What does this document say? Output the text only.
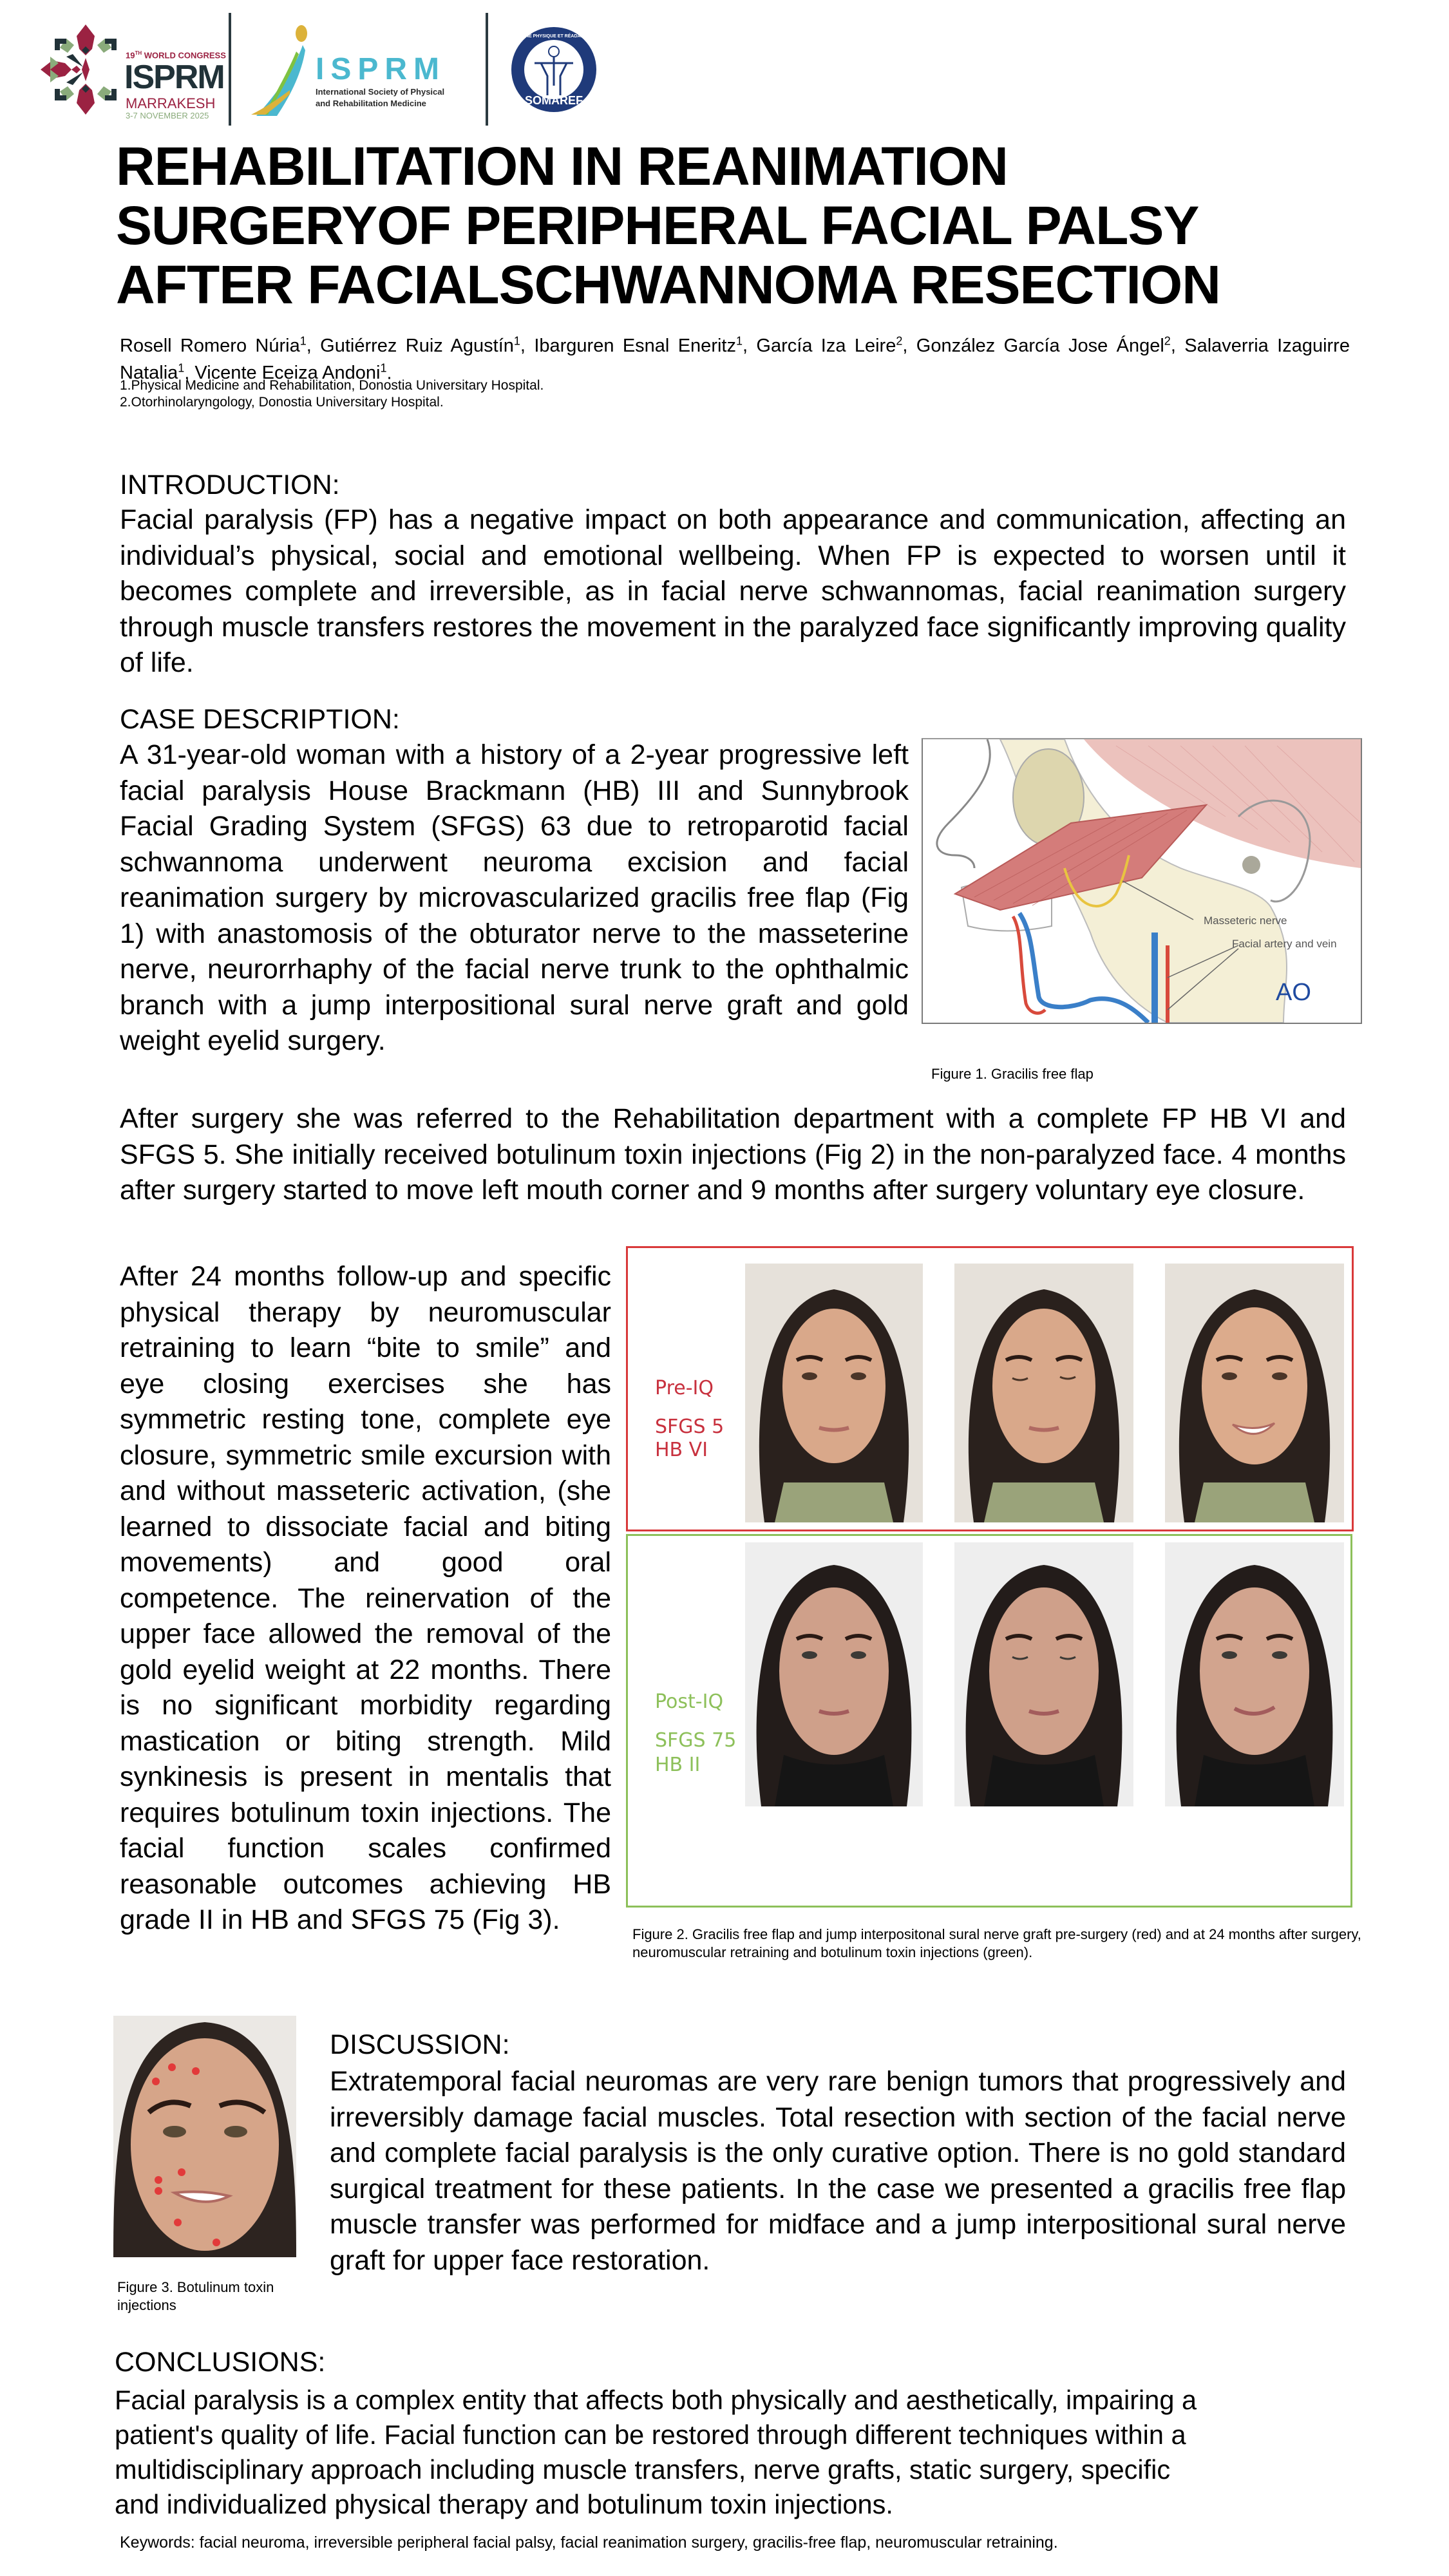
19TH WORLD CONGRESS
ISPRM
MARRAKESH
3-7 NOVEMBER 2025
ISPRM
International Society of Physical
and Rehabilitation Medicine	SOMAREF
MÉDECINE PHYSIQUE ET RÉADAPTATION
REHABILITATION IN REANIMATION
SURGERYOF PERIPHERAL FACIAL PALSY
AFTER FACIALSCHWANNOMA RESECTION
Rosell Romero Núria$^1$, Gutiérrez Ruiz Agustín$^1$, Ibarguren Esnal Eneritz$^1$, García Iza Leire$^2$, González García Jose Ángel$^2$, Salaverria Izaguirre Natalia$^1$, Vicente Eceiza Andoni$^1$.
1.Physical Medicine and Rehabilitation, Donostia Universitary Hospital.
2.Otorhinolaryngology, Donostia Universitary Hospital.
INTRODUCTION:
Facial paralysis (FP) has a negative impact on both appearance and communication, affecting an individual’s physical, social and emotional wellbeing. When FP is expected to worsen until it becomes complete and irreversible, as in facial nerve schwannomas, facial reanimation surgery through muscle transfers restores the movement in the paralyzed face significantly improving quality of life.
CASE DESCRIPTION:
A 31-year-old woman with a history of a 2-year progressive left facial paralysis House Brackmann (HB) III and Sunnybrook Facial Grading System (SFGS) 63 due to retroparotid facial schwannoma underwent neuroma excision and facial reanimation surgery by microvascularized gracilis free flap (Fig 1) with anastomosis of the obturator nerve to the masseterine nerve, neurorrhaphy of the facial nerve trunk to the ophthalmic branch with a jump interpositional sural nerve graft and gold weight eyelid surgery.
Masseteric nerve
Facial artery and vein
AO
Figure 1. Gracilis free flap
After surgery she was referred to the Rehabilitation department with a complete FP HB VI and SFGS 5. She initially received botulinum toxin injections (Fig 2) in the non-paralyzed face. 4 months after surgery started to move left mouth corner and 9 months after surgery voluntary eye closure.
After 24 months follow-up and specific physical therapy by neuromuscular retraining to learn “bite to smile” and eye closing exercises she has symmetric resting tone, complete eye closure, symmetric smile excursion with and without masseteric activation, (she learned to dissociate facial and biting movements) and good oral competence. The reinervation of the upper face allowed the removal of the gold eyelid weight at 22 months. There is no significant morbidity regarding mastication or biting strength. Mild synkinesis is present in mentalis that requires botulinum toxin injections. The facial function scales confirmed reasonable outcomes achieving HB grade II in HB and SFGS 75 (Fig 3).
Pre-IQ
SFGS 5
HB VI
Post-IQ
SFGS 75
HB II
Figure 2. Gracilis free flap and jump interpositonal sural nerve graft pre-surgery (red) and at 24 months after surgery, neuromuscular retraining and botulinum toxin injections (green).
Figure 3. Botulinum toxin injections
DISCUSSION:
Extratemporal facial neuromas are very rare benign tumors that progressively and irreversibly damage facial muscles. Total resection with section of the facial nerve and complete facial paralysis is the only curative option. There is no gold standard surgical treatment for these patients. In the case we presented a gracilis free flap muscle transfer was performed for midface and a jump interpositional sural nerve graft for upper face restoration.
CONCLUSIONS:
Facial paralysis is a complex entity that affects both physically and aesthetically, impairing a
patient's quality of life. Facial function can be restored through different techniques within a
multidisciplinary approach including muscle transfers, nerve grafts, static surgery, specific
and individualized physical therapy and botulinum toxin injections.
Keywords: facial neuroma, irreversible peripheral facial palsy, facial reanimation surgery, gracilis-free flap, neuromuscular retraining.
